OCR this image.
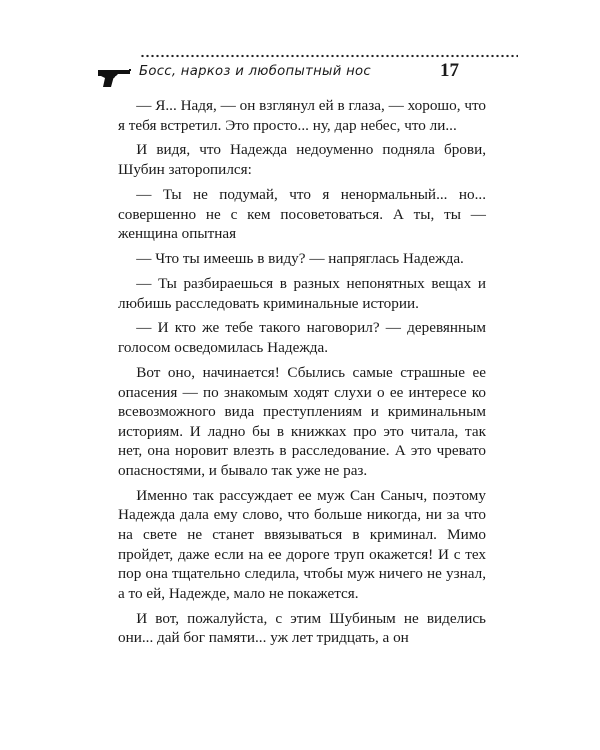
Босс, наркоз и любопытный нос	17

— Я... Надя, — он взглянул ей в глаза, — хорошо, что я тебя встретил. Это просто... ну, дар небес, что ли...

И видя, что Надежда недоуменно подняла брови, Шубин заторопился:

— Ты не подумай, что я ненормальный... но... совершенно не с кем посоветоваться. А ты, ты — женщина опытная

— Что ты имеешь в виду? — напряглась Надежда.

— Ты разбираешься в разных непонятных вещах и любишь расследовать криминальные истории.

— И кто же тебе такого наговорил? — деревянным голосом осведомилась Надежда.

Вот оно, начинается! Сбылись самые страшные ее опасения — по знакомым ходят слухи о ее интересе ко всевозможного вида преступлениям и криминальным историям. И ладно бы в книжках про это читала, так нет, она норовит влезть в расследование. А это чревато опасностями, и бывало так уже не раз.

Именно так рассуждает ее муж Сан Саныч, поэтому Надежда дала ему слово, что больше никогда, ни за что на свете не станет ввязываться в криминал. Мимо пройдет, даже если на ее дороге труп окажется! И с тех пор она тщательно следила, чтобы муж ничего не узнал, а то ей, Надежде, мало не покажется.

И вот, пожалуйста, с этим Шубиным не виделись они... дай бог памяти... уж лет тридцать, а он
